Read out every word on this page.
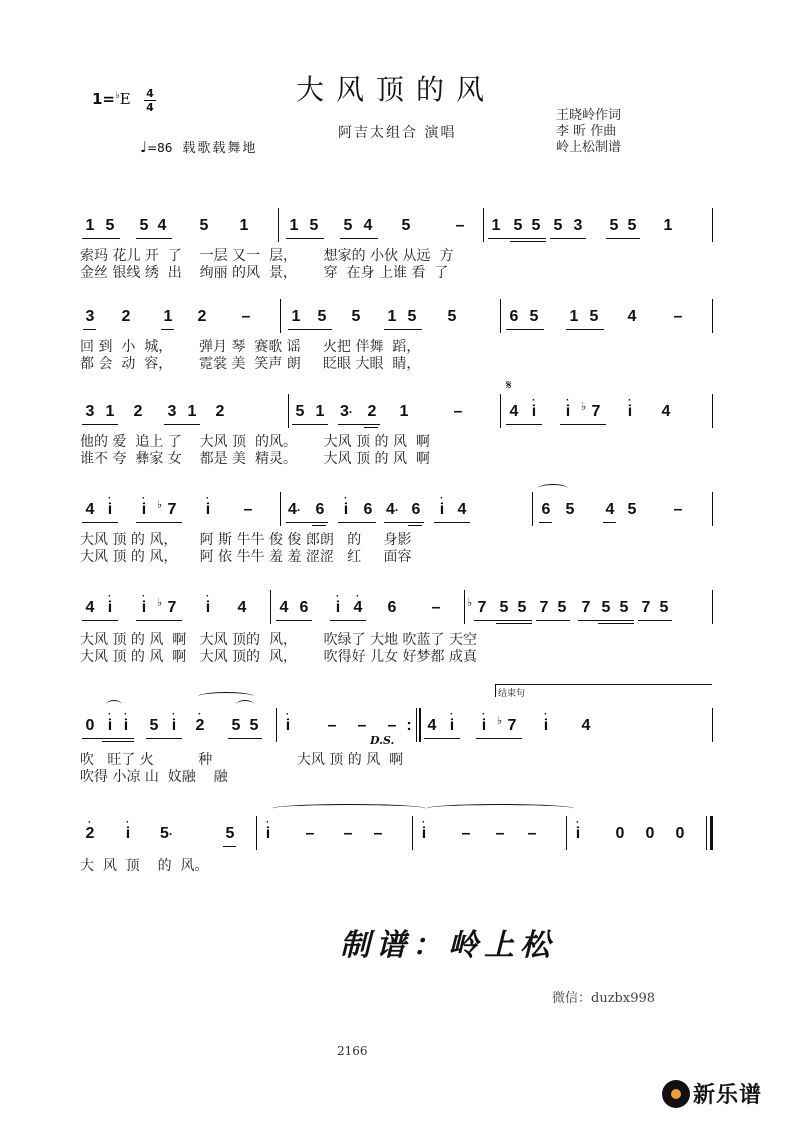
大风顶的风
1=♭E 4
4
♩=86 载歌载舞地
阿吉太组合 演唱
王晓岭作词
李 昕 作曲
岭上松制谱
1 5 5 4 5 1	1 5 5 4 5	– 1 5 5 5 3 5 5 1
索玛 花儿 开  了    一层 又一  层，      想家的 小伙 从远  方
金丝 银线 绣  出    绚丽 的风  景，      穿  在身 上谁 看  了
3 2 1 2 –	1 5 5 1 5 5	6 5 1 5 4 –
回 到  小  城，      弹月 琴  赛歌 谣     火把 伴舞  蹈，
都 会  动  容，      霓裳 美  笑声 朗     眨眼 大眼  睛，
3 1 2 3 1 2	5 1 3· 2 1	–
𝄋
4 i
·
i
·
♭ 7 i
·
4
他的 爱  追上 了    大风 顶  的风。      大风 顶 的 风  啊
谁不 夸  彝家 女    都是 美  精灵。      大风 顶 的 风  啊
4 i
·
i
·
♭ 7 i
·
– 4· 6 i
·
6 4· 6 i
·
4	6 5 4 5 –
大风 顶 的 风，     阿 斯 牛牛 俊 俊 郎朗   的     身影
大风 顶 的 风，     阿 依 牛牛 羞 羞 涩涩   红     面容
4 i
·
i
·
♭ 7 i
·
4 4 6 i
·
4
·
6 – ♭ 7 5 5 7 5 7 5 5 7 5
大风 顶 的 风  啊   大风 顶的  风，      吹绿了 大地 吹蓝了 天空
大风 顶 的 风  啊   大风 顶的  风，      吹得好 儿女 好梦都 成真
结束句
0 i
·
i
·
5 i
·
2
·
5 5 i
·
– – – :
D.S.
4 i
·
i
·
♭ 7 i
·
4
吹   旺了 火          种                   大风 顶 的 风  啊
吹得 小凉 山  妏融    融
2
·
i
·
5·	5 i
·
– – – i
·
– – – i
·
0 0 0
大  风  顶    的  风。
制谱：岭上松
微信：duzbx998
2166
新乐谱
